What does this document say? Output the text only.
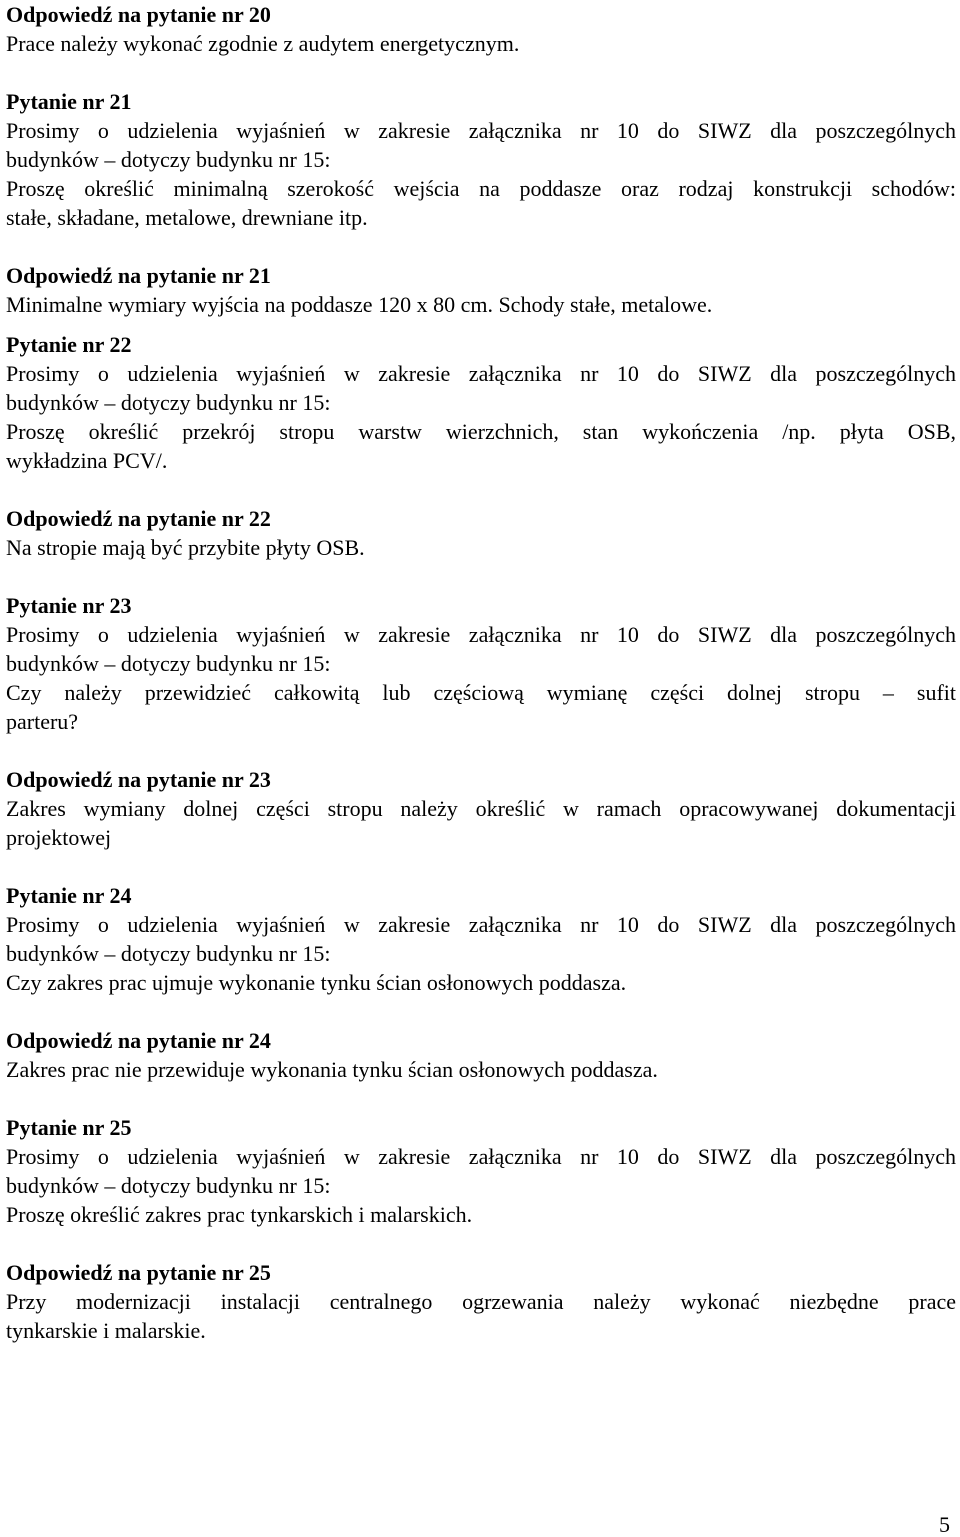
Odpowiedź na pytanie nr 20
Prace należy wykonać zgodnie z audytem energetycznym.
Pytanie nr 21
Prosimy o udzielenia wyjaśnień w zakresie załącznika nr 10 do SIWZ dla poszczególnych
budynków – dotyczy budynku nr 15:
Proszę określić minimalną szerokość wejścia na poddasze oraz rodzaj konstrukcji schodów:
stałe, składane, metalowe, drewniane itp.
Odpowiedź na pytanie nr 21
Minimalne wymiary wyjścia na poddasze 120 x 80 cm. Schody stałe, metalowe.
Pytanie nr 22
Prosimy o udzielenia wyjaśnień w zakresie załącznika nr 10 do SIWZ dla poszczególnych
budynków – dotyczy budynku nr 15:
Proszę określić przekrój stropu warstw wierzchnich, stan wykończenia /np. płyta OSB,
wykładzina PCV/.
Odpowiedź na pytanie nr 22
Na stropie mają być przybite płyty OSB.
Pytanie nr 23
Prosimy o udzielenia wyjaśnień w zakresie załącznika nr 10 do SIWZ dla poszczególnych
budynków – dotyczy budynku nr 15:
Czy należy przewidzieć całkowitą lub częściową wymianę części dolnej stropu – sufit
parteru?
Odpowiedź na pytanie nr 23
Zakres wymiany dolnej części stropu należy określić w ramach opracowywanej dokumentacji
projektowej
Pytanie nr 24
Prosimy o udzielenia wyjaśnień w zakresie załącznika nr 10 do SIWZ dla poszczególnych
budynków – dotyczy budynku nr 15:
Czy zakres prac ujmuje wykonanie tynku ścian osłonowych poddasza.
Odpowiedź na pytanie nr 24
Zakres prac nie przewiduje wykonania tynku ścian osłonowych poddasza.
Pytanie nr 25
Prosimy o udzielenia wyjaśnień w zakresie załącznika nr 10 do SIWZ dla poszczególnych
budynków – dotyczy budynku nr 15:
Proszę określić zakres prac tynkarskich i malarskich.
Odpowiedź na pytanie nr 25
Przy modernizacji instalacji centralnego ogrzewania należy wykonać niezbędne prace
tynkarskie i malarskie.
5
